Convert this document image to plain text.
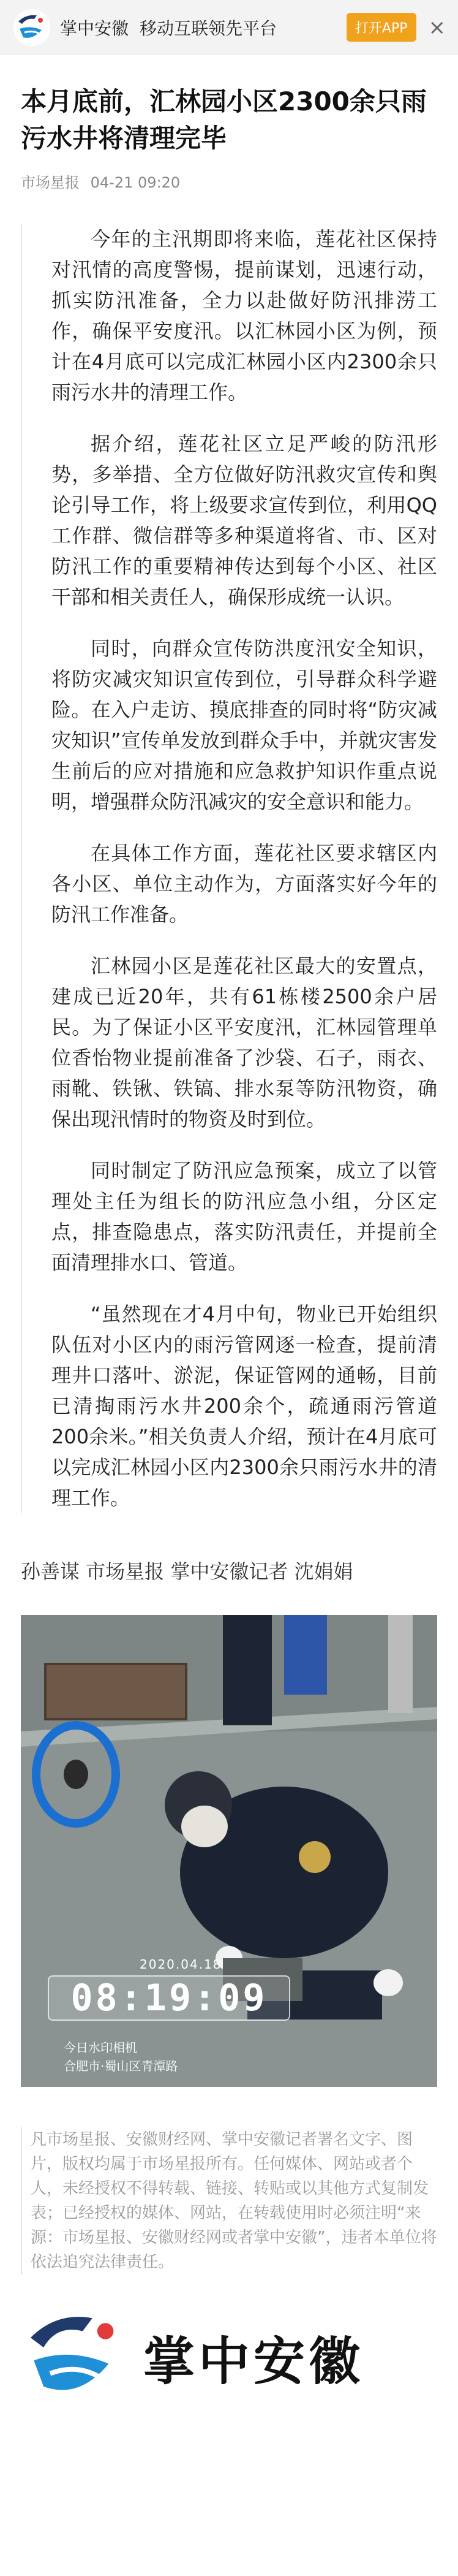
掌中安徽 移动互联领先平台	打开APP	×
本月底前，汇林园小区2300余只雨污水井将清理完毕
市场星报 04-21 09:20

今年的主汛期即将来临，莲花社区保持对汛情的高度警惕，提前谋划，迅速行动，抓实防汛准备，全力以赴做好防汛排涝工作，确保平安度汛。以汇林园小区为例，预计在4月底可以完成汇林园小区内2300余只雨污水井的清理工作。

据介绍，莲花社区立足严峻的防汛形势，多举措、全方位做好防汛救灾宣传和舆论引导工作，将上级要求宣传到位，利用QQ工作群、微信群等多种渠道将省、市、区对防汛工作的重要精神传达到每个小区、社区干部和相关责任人，确保形成统一认识。

同时，向群众宣传防洪度汛安全知识，将防灾减灾知识宣传到位，引导群众科学避险。在入户走访、摸底排查的同时将“防灾减灾知识”宣传单发放到群众手中，并就灾害发生前后的应对措施和应急救护知识作重点说明，增强群众防汛减灾的安全意识和能力。

在具体工作方面，莲花社区要求辖区内各小区、单位主动作为，方面落实好今年的防汛工作准备。

汇林园小区是莲花社区最大的安置点，建成已近20年，共有61栋楼2500余户居民。为了保证小区平安度汛，汇林园管理单位香怡物业提前准备了沙袋、石子，雨衣、雨靴、铁锹、铁镐、排水泵等防汛物资，确保出现汛情时的物资及时到位。

同时制定了防汛应急预案，成立了以管理处主任为组长的防汛应急小组，分区定点，排查隐患点，落实防汛责任，并提前全面清理排水口、管道。

“虽然现在才4月中旬，物业已开始组织队伍对小区内的雨污管网逐一检查，提前清理井口落叶、淤泥，保证管网的通畅，目前已清掏雨污水井200余个，疏通雨污管道200余米。”相关负责人介绍，预计在4月底可以完成汇林园小区内2300余只雨污水井的清理工作。

孙善谋 市场星报 掌中安徽记者 沈娟娟
2020.04.18
08:19:09
今日水印相机
合肥市·蜀山区青潭路
凡市场星报、安徽财经网、掌中安徽记者署名文字、图片，版权均属于市场星报所有。任何媒体、网站或者个人，未经授权不得转载、链接、转贴或以其他方式复制发表；已经授权的媒体、网站，在转载使用时必须注明“来源：市场星报、安徽财经网或者掌中安徽”，违者本单位将依法追究法律责任。
掌中安徽
